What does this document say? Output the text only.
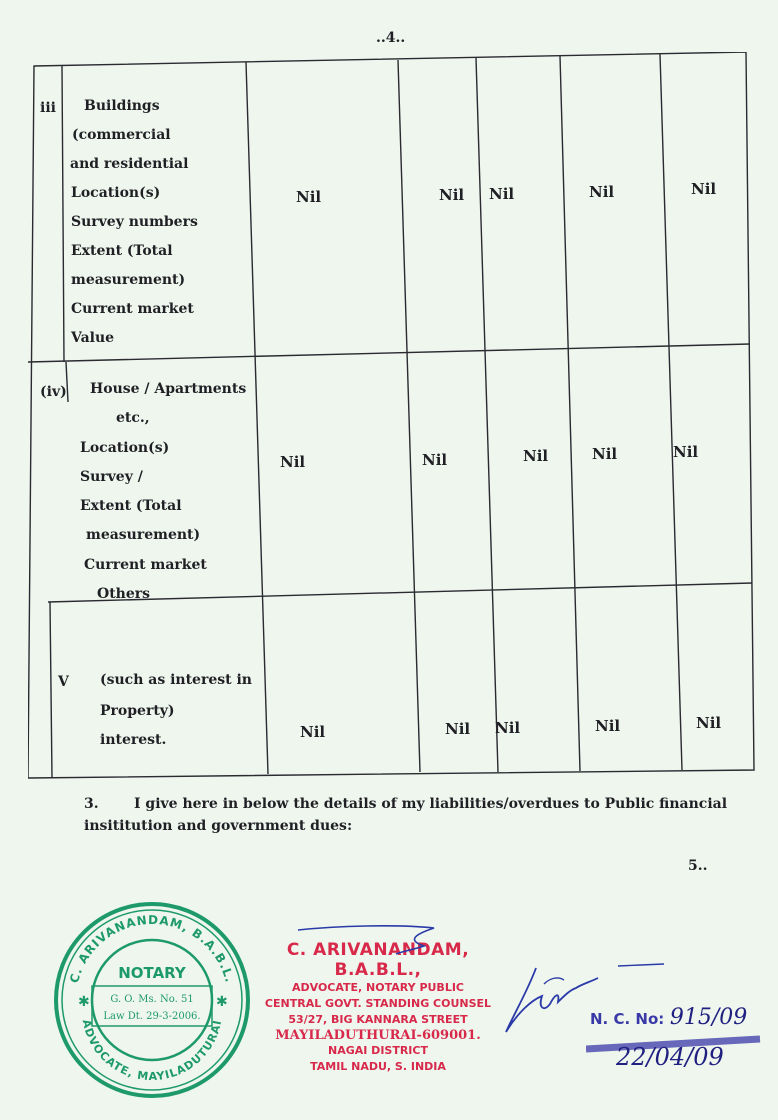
..4..
iii Buildings
(commercial
and residential
Location(s)
Survey numbers
Extent (Total
measurement)
Current market
Value
Nil	Nil Nil	Nil	Nil
(iv) House / Apartments
etc.,
Location(s)
Survey /
Extent (Total
measurement)
Current market
Others
Nil	Nil	Nil	Nil	Nil
V (such as interest in
Property)
interest.	Nil	Nil Nil	Nil	Nil
3.	I give here in below the details of my liabilities/overdues to Public financial insititution and government dues:
5..
C. ARIVANANDAM, B.A.B.L.
ADVOCATE, MAYILADUTURAI
NOTARY
G. O. Ms. No. 51
Law Dt. 29-3-2006.
✱	✱
C. ARIVANANDAM, B.A.B.L.,
ADVOCATE, NOTARY PUBLIC
CENTRAL GOVT. STANDING COUNSEL
53/27, BIG KANNARA STREET
MAYILADUTHURAI-609001.
NAGAI DISTRICT
TAMIL NADU, S. INDIA
N. C. No: 915/09
22/04/09
